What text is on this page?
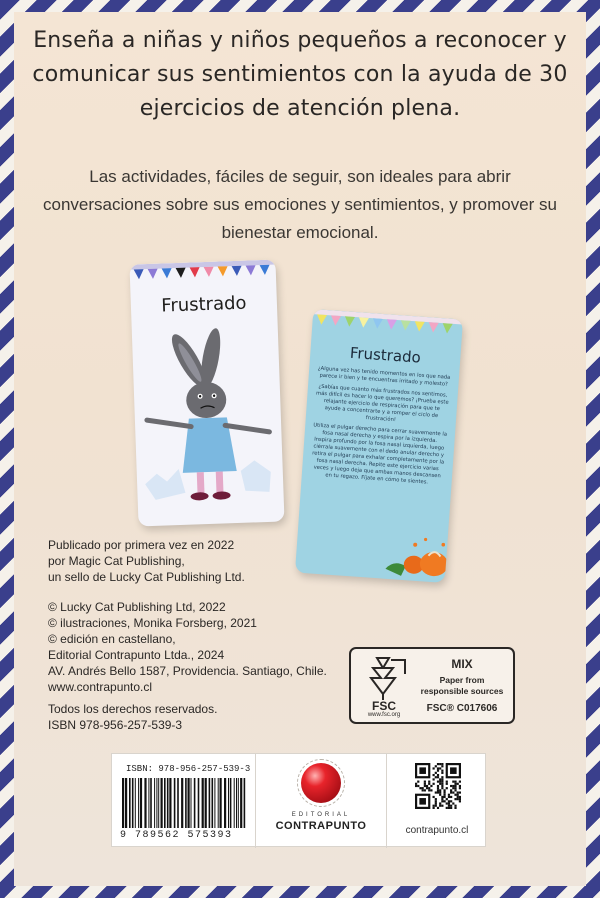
Enseña a niñas y niños pequeños a reconocer y comunicar sus sentimientos con la ayuda de 30 ejercicios de atención plena.
Las actividades, fáciles de seguir, son ideales para abrir conversaciones sobre sus emociones y sentimientos, y promover su bienestar emocional.
Frustrado
Frustrado

¿Alguna vez has tenido momentos en los que nada parece ir bien y te encuentras irritado y molesto?

¿Sabías que cuanto más frustrados nos sentimos, más difícil es hacer lo que queremos? ¡Prueba este relajante ejercicio de respiración para que te ayude a concentrarte y a romper el ciclo de frustración!

Utiliza el pulgar derecho para cerrar suavemente la fosa nasal derecha y espira por la izquierda. Inspira profundo por la fosa nasal izquierda, luego ciérrala suavemente con el dedo anular derecho y retira el pulgar para exhalar completamente por la fosa nasal derecha. Repite este ejercicio varias veces y luego deja que ambas manos descansen en tu regazo. Fíjate en cómo te sientes.

Publicado por primera vez en 2022
por Magic Cat Publishing,
un sello de Lucky Cat Publishing Ltd.
© Lucky Cat Publishing Ltd, 2022
© ilustraciones, Monika Forsberg, 2021
© edición en castellano,
Editorial Contrapunto Ltda., 2024
AV. Andrés Bello 1587, Providencia. Santiago, Chile.
www.contrapunto.cl
Todos los derechos reservados.
ISBN 978-956-257-539-3
FSC
www.fsc.org
MIX
Paper from
responsible sources
FSC® C017606
ISBN: 978-956-257-539-3
9 789562 575393
EDITORIAL
CONTRAPUNTO	contrapunto.cl
